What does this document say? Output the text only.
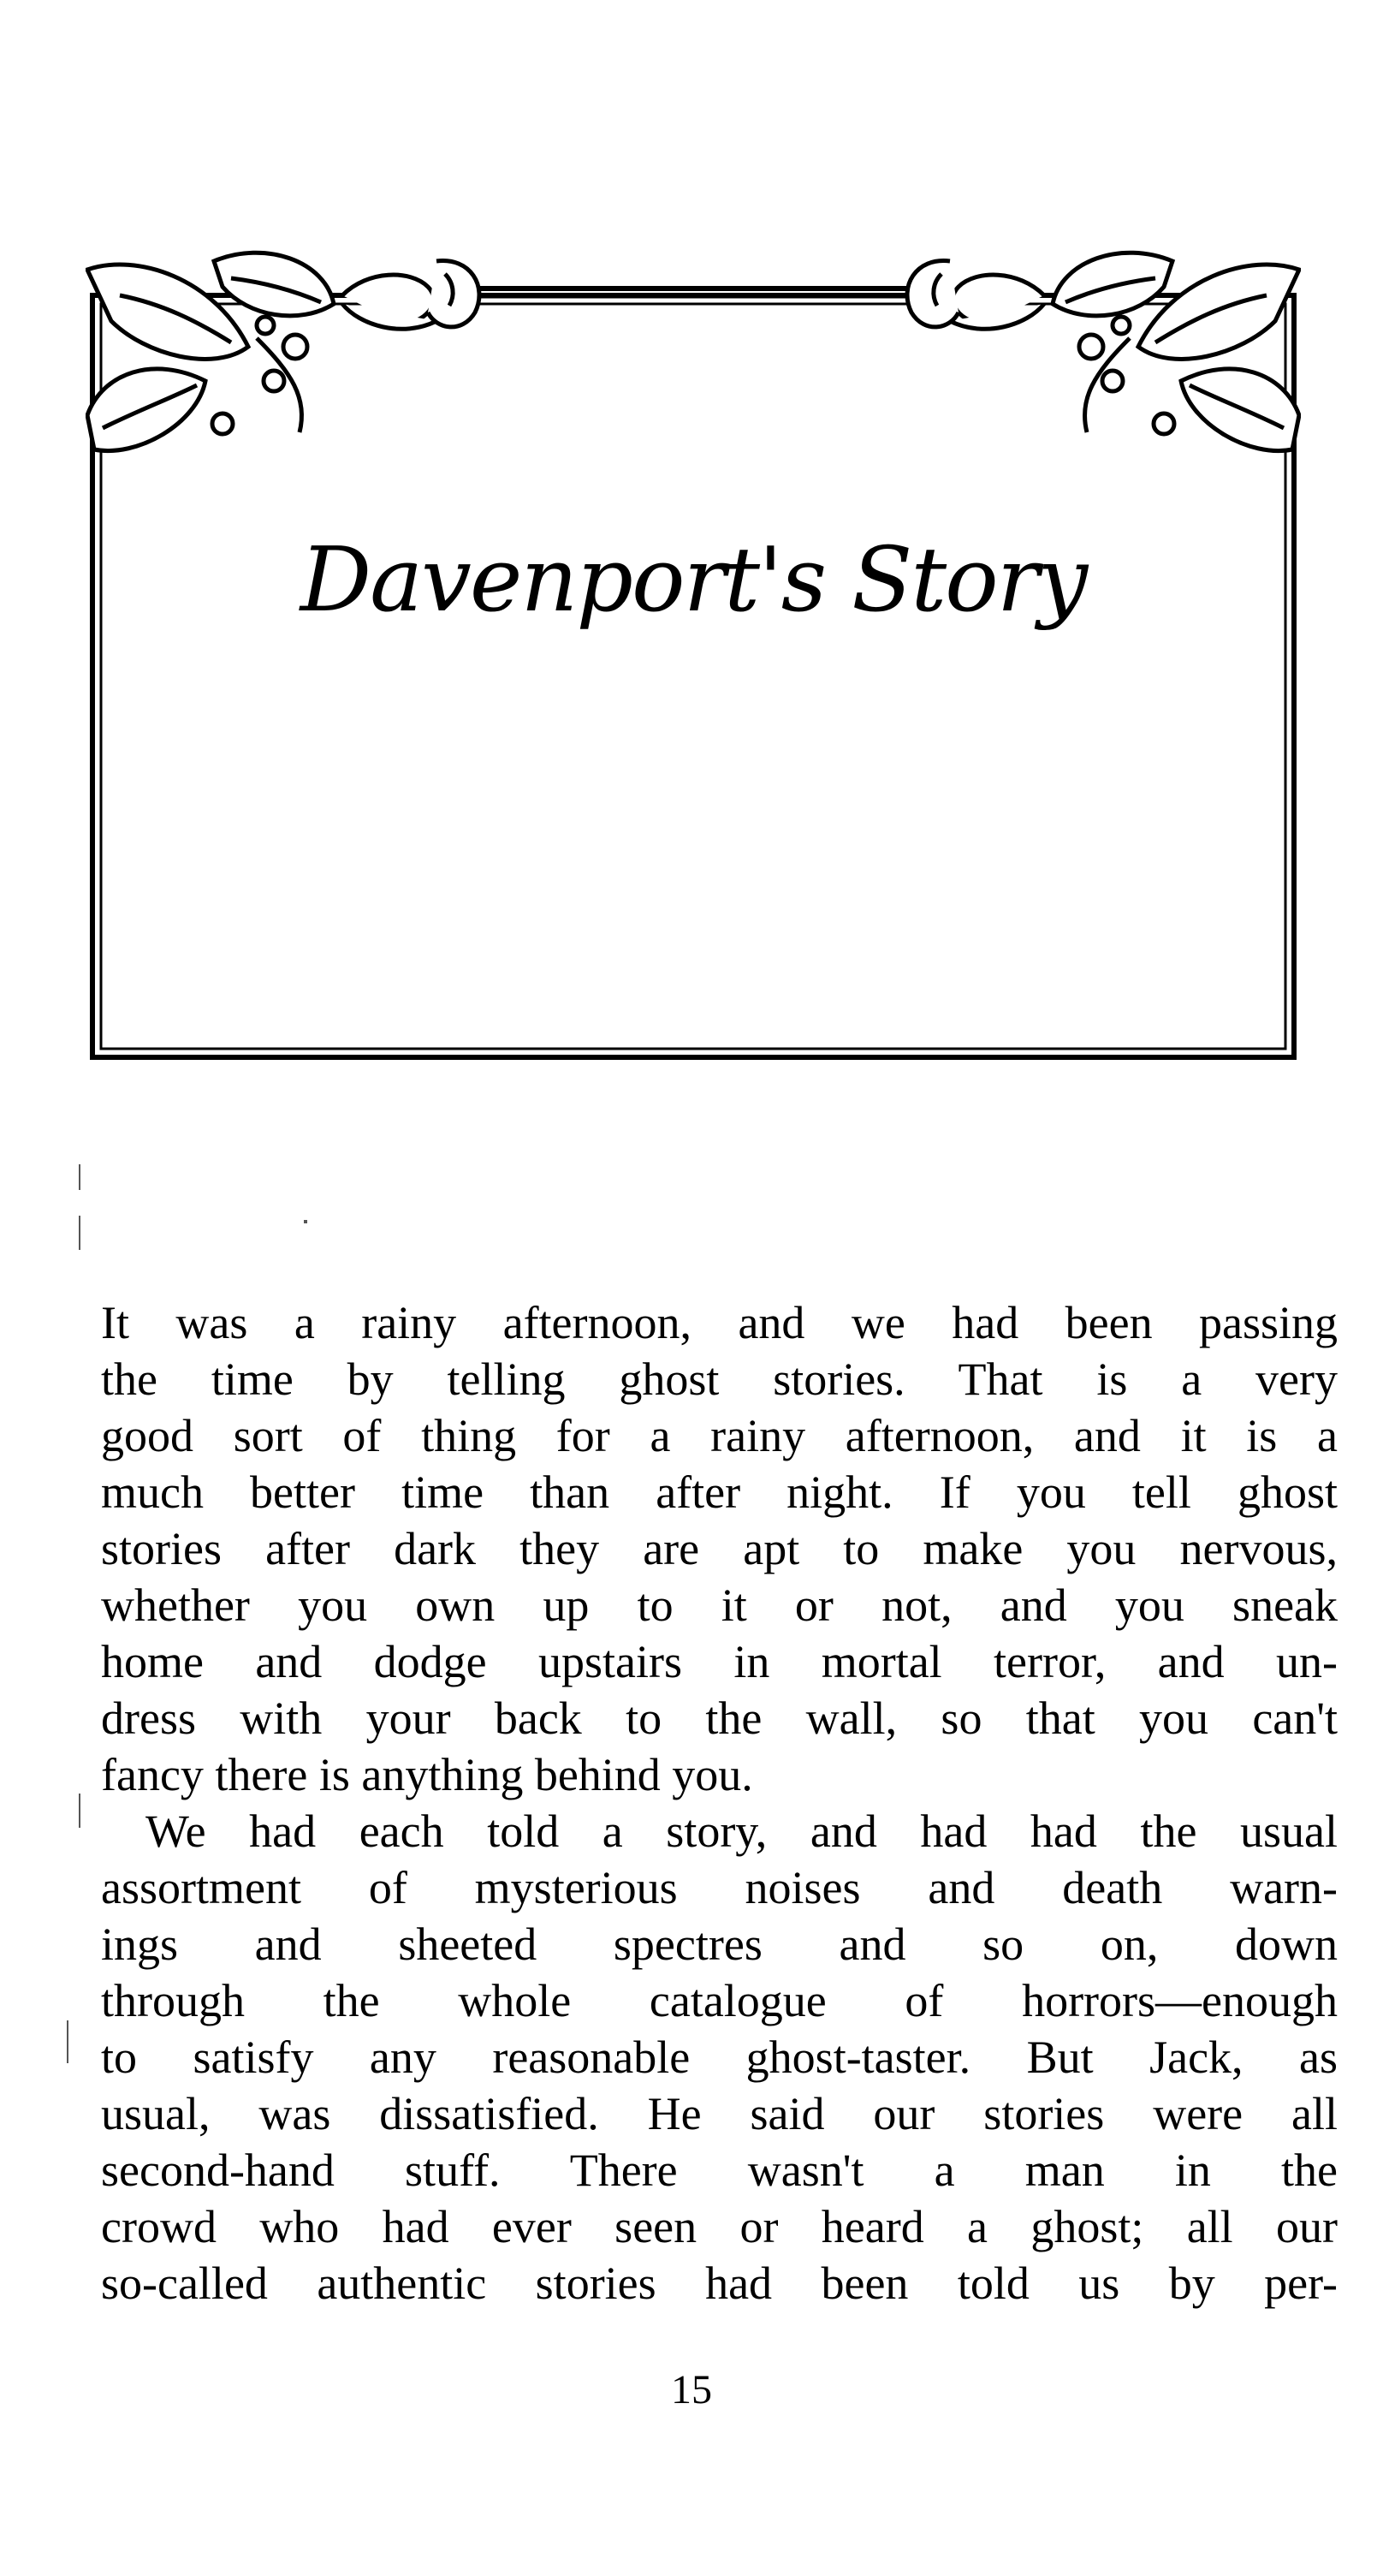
Davenport's Story
It was a rainy afternoon, and we had been passing
the time by telling ghost stories. That is a very
good sort of thing for a rainy afternoon, and it is a
much better time than after night. If you tell ghost
stories after dark they are apt to make you nervous,
whether you own up to it or not, and you sneak
home and dodge upstairs in mortal terror, and un-
dress with your back to the wall, so that you can't
fancy there is anything behind you.
We had each told a story, and had had the usual
assortment of mysterious noises and death warn-
ings and sheeted spectres and so on, down
through the whole catalogue of horrors—enough
to satisfy any reasonable ghost-taster. But Jack, as
usual, was dissatisfied. He said our stories were all
second-hand stuff. There wasn't a man in the
crowd who had ever seen or heard a ghost; all our
so-called authentic stories had been told us by per-
15
